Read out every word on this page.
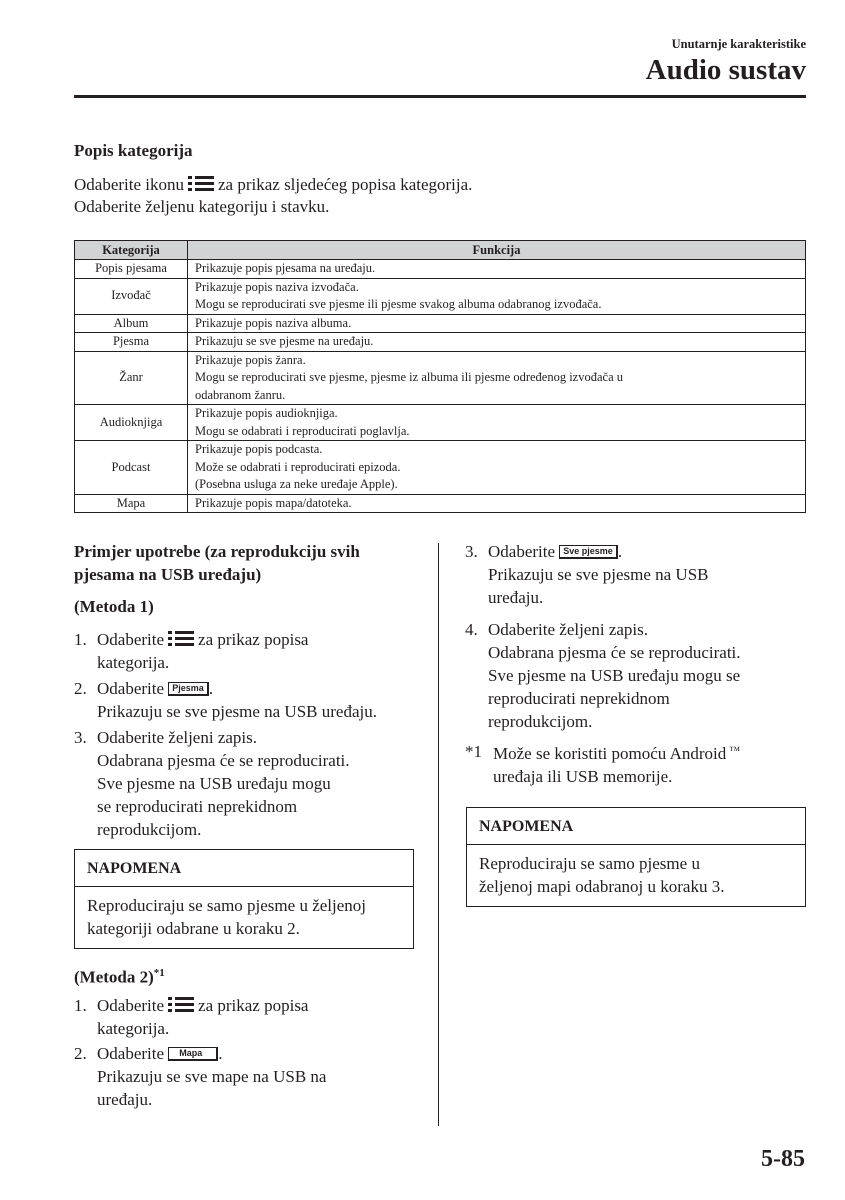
Unutarnje karakteristike
Audio sustav
Popis kategorija
Odaberite ikonu za prikaz sljedećeg popisa kategorija.
Odaberite željenu kategoriju i stavku.
Kategorija	Funkcija
Popis pjesama	Prikazuje popis pjesama na uređaju.

Izvođač	Prikazuje popis naziva izvođača.
Mogu se reproducirati sve pjesme ili pjesme svakog albuma odabranog izvođača.

Album	Prikazuje popis naziva albuma.

Pjesma	Prikazuju se sve pjesme na uređaju.

Žanr	Prikazuje popis žanra.
Mogu se reproducirati sve pjesme, pjesme iz albuma ili pjesme određenog izvođača u
odabranom žanru.

Audioknjiga	Prikazuje popis audioknjiga.
Mogu se odabrati i reproducirati poglavlja.

Podcast	Prikazuje popis podcasta.
Može se odabrati i reproducirati epizoda.
(Posebna usluga za neke uređaje Apple).

Mapa	Prikazuje popis mapa/datoteka.
Primjer upotrebe (za reprodukciju svih
pjesama na USB uređaju)
(Metoda 1)
1. Odaberite za prikaz popisa
kategorija.
2. Odaberite Pjesma .
Prikazuju se sve pjesme na USB uređaju.
3. Odaberite željeni zapis.
Odabrana pjesma će se reproducirati.
Sve pjesme na USB uređaju mogu
se reproducirati neprekidnom
reprodukcijom.
NAPOMENA
Reproduciraju se samo pjesme u željenoj
kategoriji odabrane u koraku 2.
(Metoda 2)$^{*1}$
1. Odaberite za prikaz popisa
kategorija.
2. Odaberite Mapa .
Prikazuju se sve mape na USB na
uređaju.
3. Odaberite Sve pjesme .
Prikazuju se sve pjesme na USB
uređaju.
4. Odaberite željeni zapis.
Odabrana pjesma će se reproducirati.
Sve pjesme na USB uređaju mogu se
reproducirati neprekidnom
reprodukcijom.
*1 Može se koristiti pomoću Android ™
uređaja ili USB memorije.
NAPOMENA
Reproduciraju se samo pjesme u
željenoj mapi odabranoj u koraku 3.
5-85
